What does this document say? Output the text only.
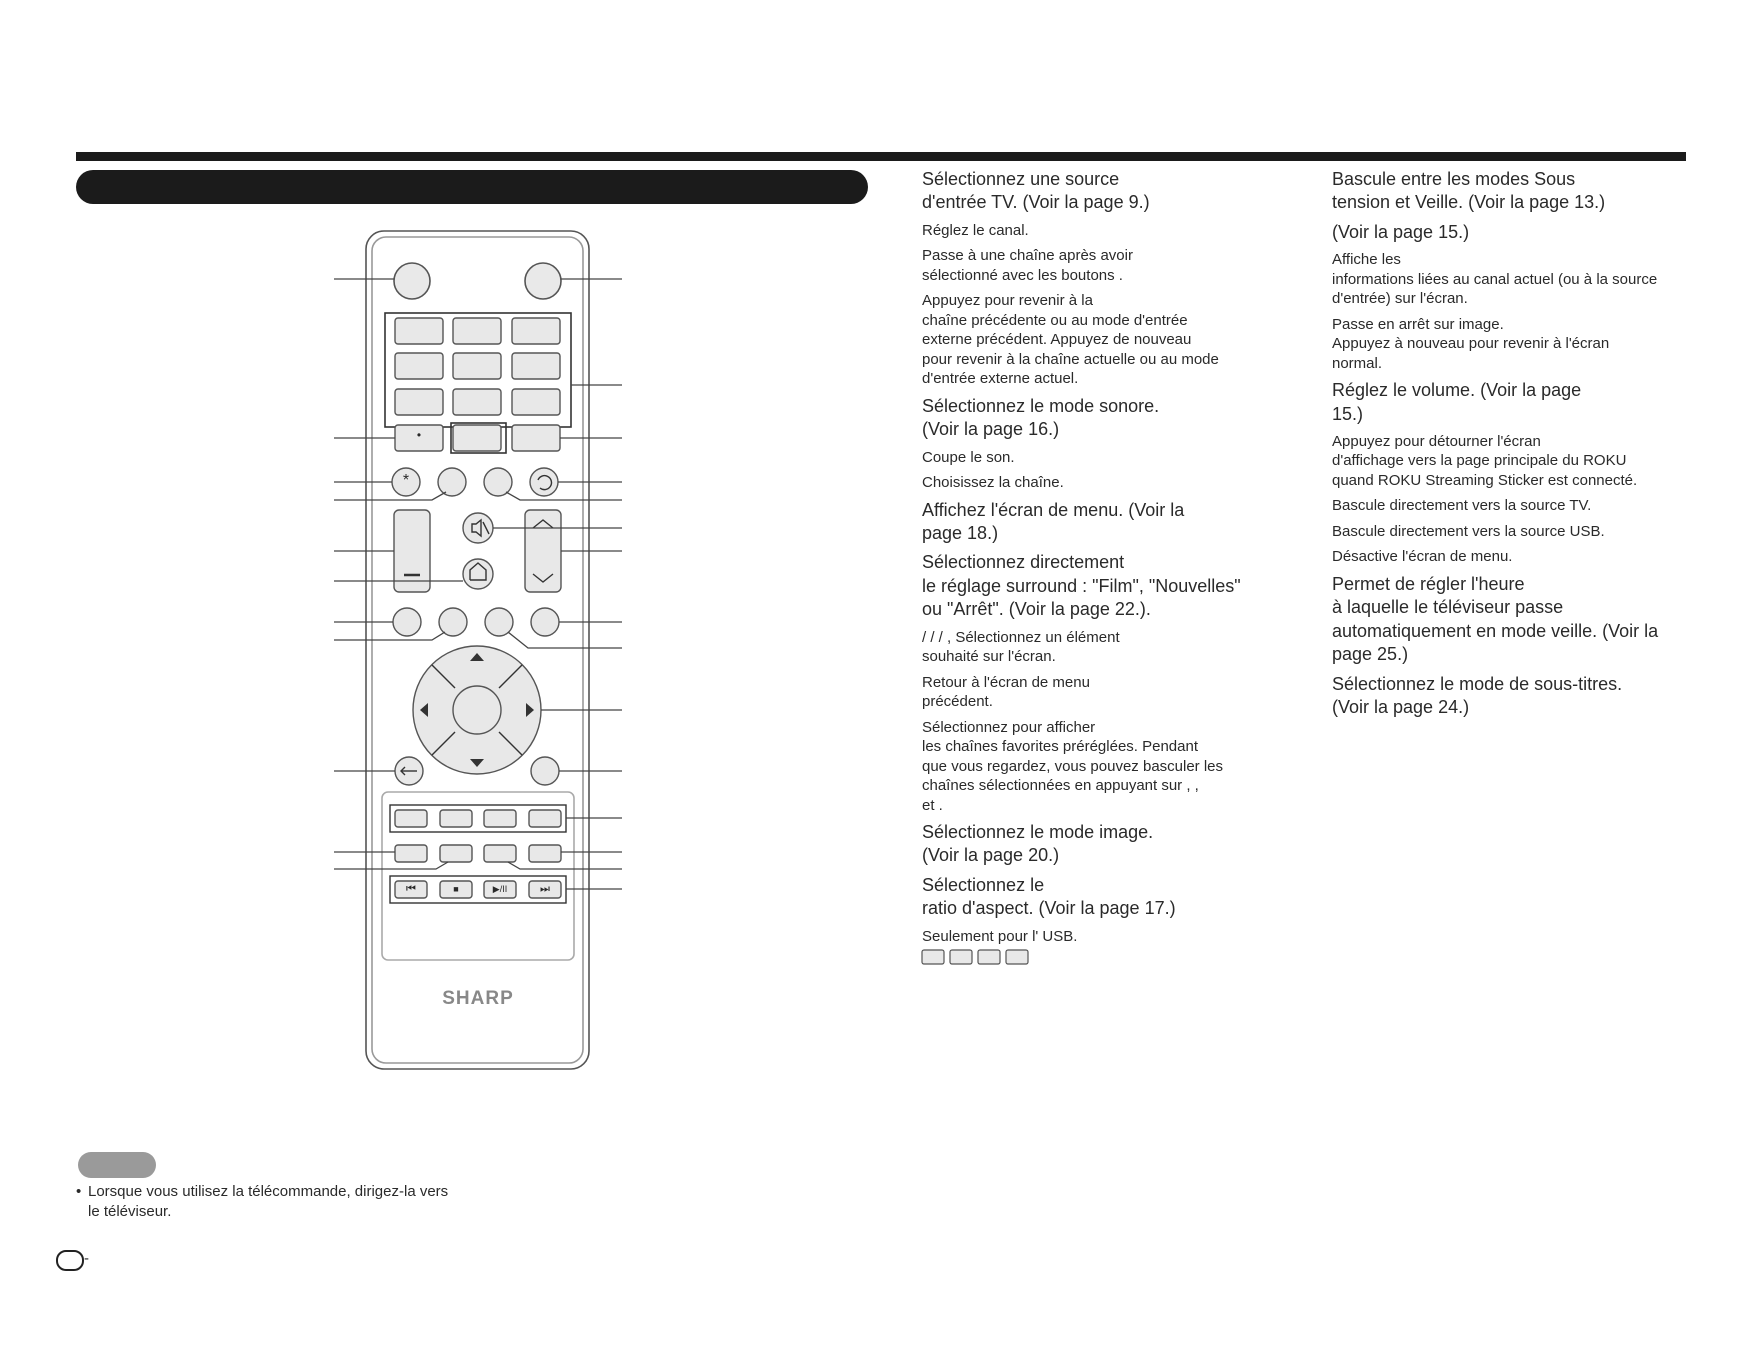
•
*
⏮	■	▶/II	⏭
SHARP
Sélectionnez une source
d'entrée TV. (Voir la page 9.)
Réglez le canal.
Passe à une chaîne après avoir
sélectionné avec les boutons .
Appuyez pour revenir à la
chaîne précédente ou au mode d'entrée
externe précédent. Appuyez de nouveau
pour revenir à la chaîne actuelle ou au mode
d'entrée externe actuel.
Sélectionnez le mode sonore.
(Voir la page 16.)
Coupe le son.
Choisissez la chaîne.
Affichez l'écran de menu. (Voir la
page 18.)
Sélectionnez directement
le réglage surround : "Film", "Nouvelles"
ou "Arrêt". (Voir la page 22.).
/ / / , Sélectionnez un élément
souhaité sur l'écran.
Retour à l'écran de menu
précédent.
Sélectionnez pour afficher
les chaînes favorites préréglées. Pendant
que vous regardez, vous pouvez basculer les
chaînes sélectionnées en appuyant sur , ,
et .
Sélectionnez le mode image.
(Voir la page 20.)
Sélectionnez le
ratio d'aspect. (Voir la page 17.)
Seulement pour l' USB.
Bascule entre les modes Sous
tension et Veille. (Voir la page 13.)
(Voir la page 15.)
Affiche les
informations liées au canal actuel (ou à la source
d'entrée) sur l'écran.
Passe en arrêt sur image.
Appuyez à nouveau pour revenir à l'écran
normal.
Réglez le volume. (Voir la page
15.)
Appuyez pour détourner l'écran
d'affichage vers la page principale du ROKU
quand ROKU Streaming Sticker est connecté.
Bascule directement vers la source TV.
Bascule directement vers la source USB.
Désactive l'écran de menu.
Permet de régler l'heure
à laquelle le téléviseur passe
automatiquement en mode veille. (Voir la
page 25.)
Sélectionnez le mode de sous-titres.
(Voir la page 24.)
• Lorsque vous utilisez la télécommande, dirigez-la vers
le téléviseur.
-
